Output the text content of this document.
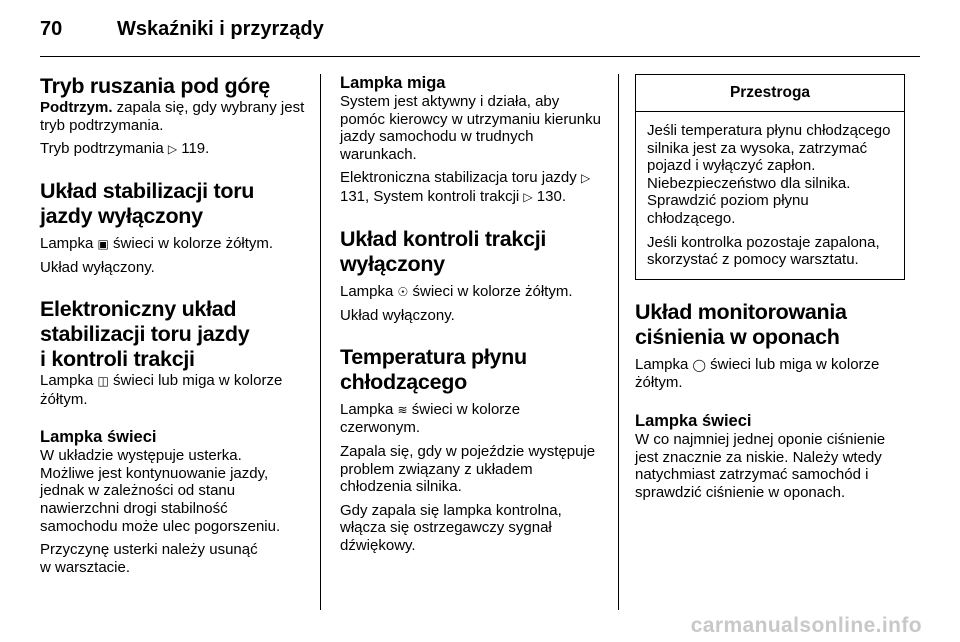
70	Wskaźniki i przyrządy
Tryb ruszania pod górę

Podtrzym. zapala się, gdy wybrany jest tryb podtrzymania.

Tryb podtrzymania ▷ 119.

Układ stabilizacji toru jazdy wyłączony

Lampka ▣ świeci w kolorze żółtym.

Układ wyłączony.

Elektroniczny układ
stabilizacji toru jazdy
i kontroli trakcji

Lampka ◫ świeci lub miga w kolorze żółtym.

Lampka świeci

W układzie występuje usterka.
Możliwe jest kontynuowanie jazdy,
jednak w zależności od stanu
nawierzchni drogi stabilność
samochodu może ulec pogorszeniu.

Przyczynę usterki należy usunąć
w warsztacie.

Lampka miga

System jest aktywny i działa, aby pomóc kierowcy w utrzymaniu kierunku jazdy samochodu w trudnych warunkach.

Elektroniczna stabilizacja toru jazdy ▷ 131, System kontroli trakcji ▷ 130.

Układ kontroli trakcji wyłączony

Lampka ☉ świeci w kolorze żółtym.

Układ wyłączony.

Temperatura płynu chłodzącego

Lampka ≋ świeci w kolorze czerwonym.

Zapala się, gdy w pojeździe występuje problem związany z układem chłodzenia silnika.

Gdy zapala się lampka kontrolna, włącza się ostrzegawczy sygnał dźwiękowy.

Przestroga

Jeśli temperatura płynu chłodzącego silnika jest za wysoka, zatrzymać pojazd i wyłączyć zapłon. Niebezpieczeństwo dla silnika. Sprawdzić poziom płynu chłodzącego.

Jeśli kontrolka pozostaje zapalona, skorzystać z pomocy warsztatu.

Układ monitorowania ciśnienia w oponach

Lampka ◯ świeci lub miga w kolorze żółtym.

Lampka świeci

W co najmniej jednej oponie ciśnienie jest znacznie za niskie. Należy wtedy natychmiast zatrzymać samochód i sprawdzić ciśnienie w oponach.

carmanualsonline.info
